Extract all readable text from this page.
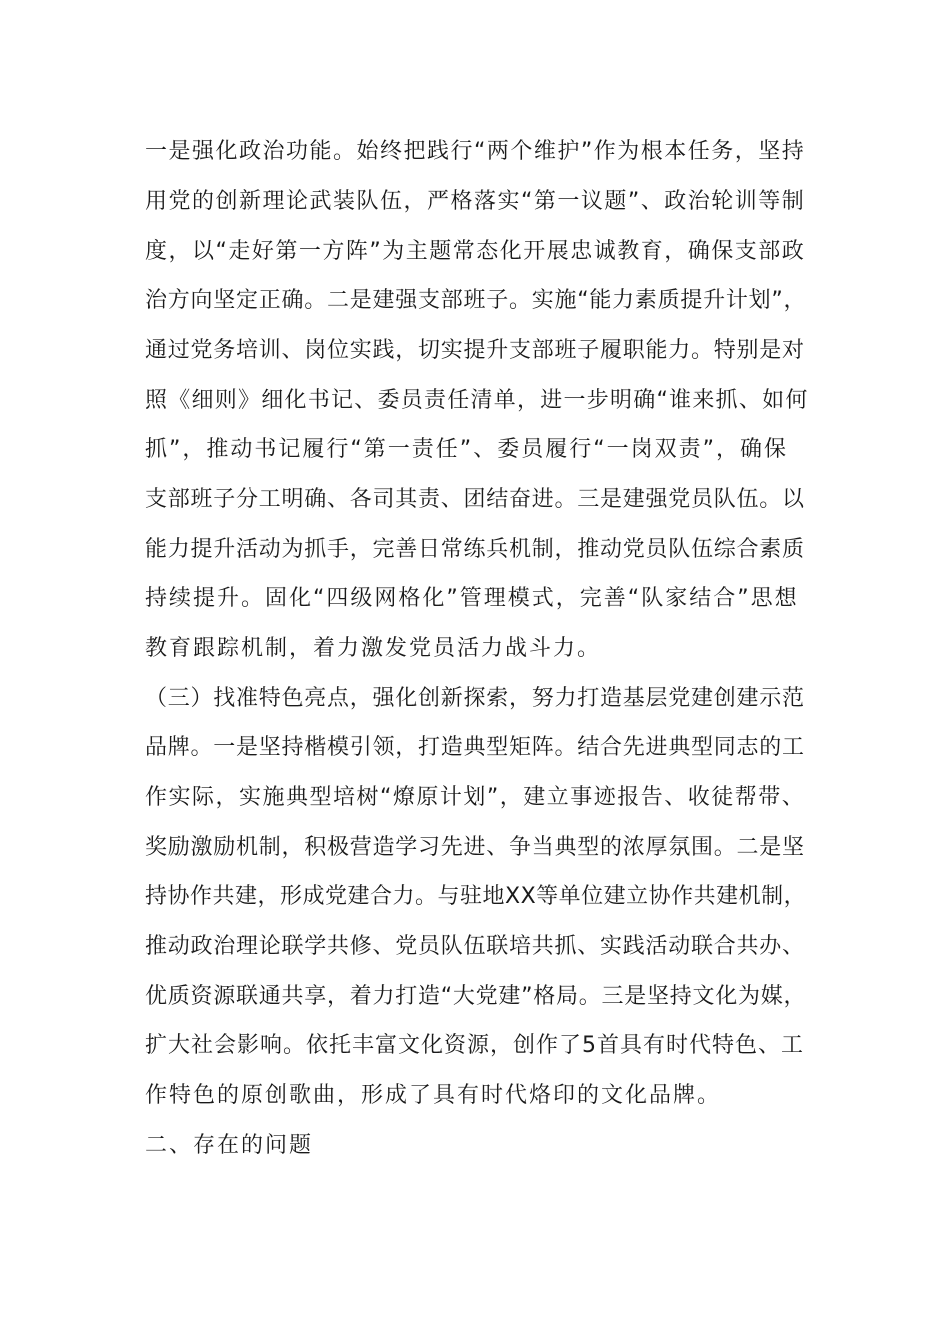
一是强化政治功能。始终把践行“两个维护”作为根本任务，坚持
用党的创新理论武装队伍，严格落实“第一议题”、政治轮训等制
度，以“走好第一方阵”为主题常态化开展忠诚教育，确保支部政
治方向坚定正确。二是建强支部班子。实施“能力素质提升计划”，
通过党务培训、岗位实践，切实提升支部班子履职能力。特别是对
照《细则》细化书记、委员责任清单，进一步明确“谁来抓、如何
抓”，推动书记履行“第一责任”、委员履行“一岗双责”，确保
支部班子分工明确、各司其责、团结奋进。三是建强党员队伍。以
能力提升活动为抓手，完善日常练兵机制，推动党员队伍综合素质
持续提升。固化“四级网格化”管理模式，完善“队家结合”思想
教育跟踪机制，着力激发党员活力战斗力。
（三）找准特色亮点，强化创新探索，努力打造基层党建创建示范
品牌。一是坚持楷模引领，打造典型矩阵。结合先进典型同志的工
作实际，实施典型培树“燎原计划”，建立事迹报告、收徒帮带、
奖励激励机制，积极营造学习先进、争当典型的浓厚氛围。二是坚
持协作共建，形成党建合力。与驻地XX等单位建立协作共建机制，
推动政治理论联学共修、党员队伍联培共抓、实践活动联合共办、
优质资源联通共享，着力打造“大党建”格局。三是坚持文化为媒，
扩大社会影响。依托丰富文化资源，创作了5首具有时代特色、工
作特色的原创歌曲，形成了具有时代烙印的文化品牌。
二、存在的问题
